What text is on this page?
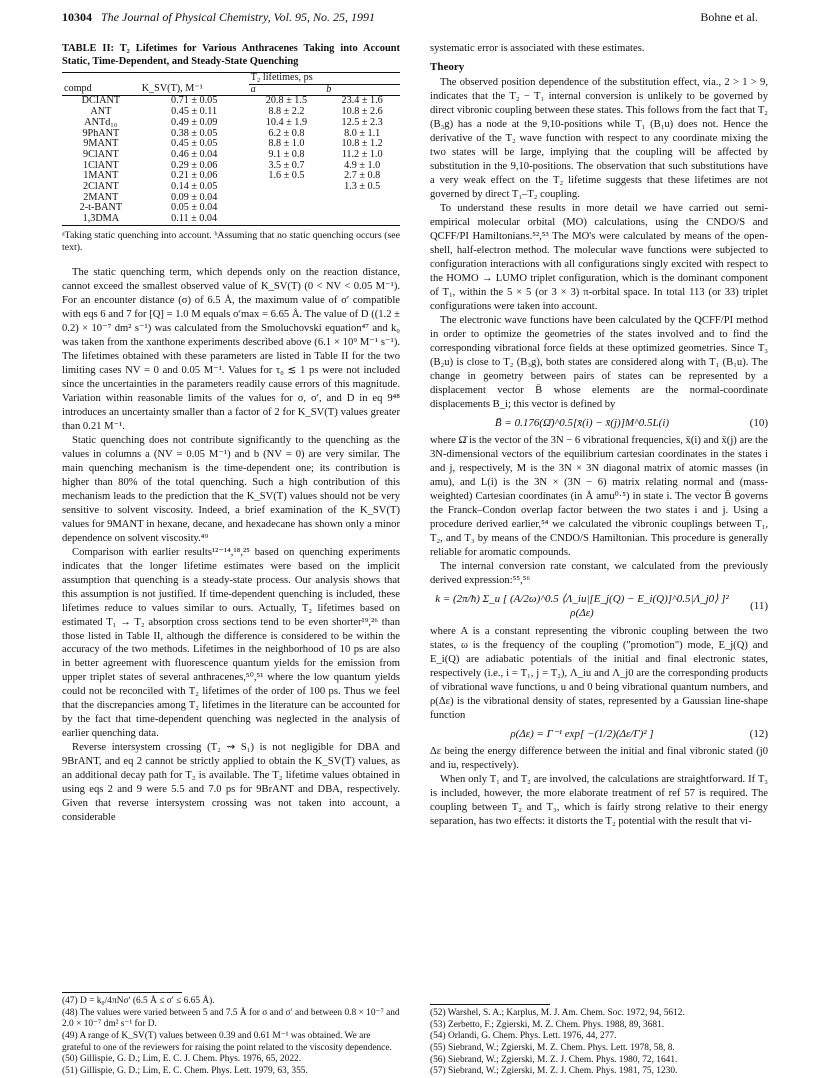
10304 The Journal of Physical Chemistry, Vol. 95, No. 25, 1991	Bohne et al.
TABLE II: T₂ Lifetimes for Various Anthracenes Taking into Account Static, Time-Dependent, and Steady-State Quenching
		T₂ lifetimes, ps	
compd	K_SV(T), M⁻¹	a	b
DCIANT	0.71 ± 0.05	20.8 ± 1.5	23.4 ± 1.6
ANT	0.45 ± 0.11	8.8 ± 2.2	10.8 ± 2.6
ANTd₁₀	0.49 ± 0.09	10.4 ± 1.9	12.5 ± 2.3
9PhANT	0.38 ± 0.05	6.2 ± 0.8	8.0 ± 1.1
9MANT	0.45 ± 0.05	8.8 ± 1.0	10.8 ± 1.2
9ClANT	0.46 ± 0.04	9.1 ± 0.8	11.2 ± 1.0
1ClANT	0.29 ± 0.06	3.5 ± 0.7	4.9 ± 1.0
1MANT	0.21 ± 0.06	1.6 ± 0.5	2.7 ± 0.8
2ClANT	0.14 ± 0.05		1.3 ± 0.5
2MANT	0.09 ± 0.04		
2-t-BANT	0.05 ± 0.04		
1,3DMA	0.11 ± 0.04		
ᵃTaking static quenching into account. ᵇAssuming that no static quenching occurs (see text).

The static quenching term, which depends only on the reaction distance, cannot exceed the smallest observed value of K_SV(T) (0 < NV < 0.05 M⁻¹). For an encounter distance (σ) of 6.5 Å, the maximum value of σ′ compatible with eqs 6 and 7 for [Q] = 1.0 M equals σ′max = 6.65 Å. The value of D ((1.2 ± 0.2) × 10⁻⁷ dm² s⁻¹) was calculated from the Smoluchovski equation⁴⁷ and k₀ was taken from the xanthone experiments described above (6.1 × 10⁹ M⁻¹ s⁻¹). The lifetimes obtained with these parameters are listed in Table II for the two limiting cases NV = 0 and 0.05 M⁻¹. Values for τ₀ ≲ 1 ps were not included since the uncertainties in the parameters readily cause errors of this magnitude. Variation within reasonable limits of the values for σ, σ′, and D in eq 9⁴⁸ introduces an uncertainty smaller than a factor of 2 for K_SV(T) values greater than 0.21 M⁻¹.

Static quenching does not contribute significantly to the quenching as the values in columns a (NV = 0.05 M⁻¹) and b (NV = 0) are very similar. The main quenching mechanism is the time-dependent one; its contribution is higher than 80% of the total quenching. Such a high contribution of this mechanism leads to the prediction that the K_SV(T) values should not be very sensitive to solvent viscosity. Indeed, a brief examination of the K_SV(T) values for 9MANT in hexane, decane, and hexadecane has shown only a minor dependence on solvent viscosity.⁴⁹

Comparison with earlier results¹²⁻¹⁴,¹⁸,²⁵ based on quenching experiments indicates that the longer lifetime estimates were based on the implicit assumption that quenching is a steady-state process. Our analysis shows that this assumption is not justified. If time-dependent quenching is included, these lifetimes reduce to values similar to ours. Actually, T₂ lifetimes based on estimated T₁ → T₂ absorption cross sections tend to be even shorter¹⁹,²⁶ than those listed in Table II, although the difference is considered to be within the accuracy of the two methods. Lifetimes in the neighborhood of 10 ps are also in better agreement with fluorescence quantum yields for the emission from upper triplet states of several anthracenes,⁵⁰,⁵¹ where the low quantum yields could not be reconciled with T₂ lifetimes of the order of 100 ps. Thus we feel that the discrepancies among T₂ lifetimes in the literature can be accounted for by the fact that time-dependent quenching was neglected in the analysis of earlier quenching data.

Reverse intersystem crossing (T₂ ⇝ S₁) is not negligible for DBA and 9BrANT, and eq 2 cannot be strictly applied to obtain the K_SV(T) values, as an additional decay path for T₂ is available. The T₂ lifetime values obtained in using eqs 2 and 9 were 5.5 and 7.0 ps for 9BrANT and DBA, respectively. Given that reverse intersystem crossing was not taken into account, a considerable

(47) D = k₀/4πNσ′ (6.5 Å ≤ σ′ ≤ 6.65 Å).
(48) The values were varied between 5 and 7.5 Å for σ and σ′ and between 0.8 × 10⁻⁷ and 2.0 × 10⁻⁷ dm² s⁻¹ for D.
(49) A range of K_SV(T) values between 0.39 and 0.61 M⁻¹ was obtained. We are grateful to one of the reviewers for raising the point related to the viscosity dependence.
(50) Gillispie, G. D.; Lim, E. C. J. Chem. Phys. 1976, 65, 2022.
(51) Gillispie, G. D.; Lim, E. C. Chem. Phys. Lett. 1979, 63, 355.

systematic error is associated with these estimates.

Theory

The observed position dependence of the substitution effect, via., 2 > 1 > 9, indicates that the T₂ − T₁ internal conversion is unlikely to be governed by direct vibronic coupling between these states. This follows from the fact that T₂ (B₃g) has a node at the 9,10-positions while T₁ (B₁u) does not. Hence the derivative of the T₂ wave function with respect to any coordinate mixing the two states will be large, implying that the coupling will be affected by substitution in the 9,10-positions. The observation that such substitutions have a very weak effect on the T₂ lifetime suggests that these lifetimes are not governed by direct T₁–T₂ coupling.

To understand these results in more detail we have carried out semi-empirical molecular orbital (MO) calculations, using the CNDO/S and QCFF/PI Hamiltonians.⁵²,⁵³ The MO's were calculated by means of the open-shell, half-electron method. The molecular wave functions were subjected to configuration interactions with all configurations singly excited with respect to the HOMO → LUMO triplet configuration, which is the dominant component of T₁, within the 5 × 5 (or 3 × 3) π-orbital space. In total 113 (or 33) triplet configurations were taken into account.

The electronic wave functions have been calculated by the QCFF/PI method in order to optimize the geometries of the states involved and to find the corresponding vibrational force fields at these optimized geometries. Since T₃ (B₂u) is close to T₂ (B₃g), both states are considered along with T₁ (B₁u). The change in geometry between pairs of states can be represented by a displacement vector B̄ whose elements are the normal-coordinate displacements B_i; this vector is defined by

B̄ = 0.176(Ω̄)^0.5[x̄(i) − x̄(j)]M^0.5L(i)	(10)

where Ω̄ is the vector of the 3N − 6 vibrational frequencies, x̄(i) and x̄(j) are the 3N-dimensional vectors of the equilibrium cartesian coordinates in the states i and j, respectively, M is the 3N × 3N diagonal matrix of atomic masses (in amu), and L(i) is the 3N × (3N − 6) matrix relating normal and (mass-weighted) Cartesian coordinates (in Å amu⁰·⁵) in state i. The vector B̄ governs the Franck–Condon overlap factor between the two states i and j. Using a procedure derived earlier,⁵⁴ we calculated the vibronic couplings between T₁, T₂, and T₃ by means of the CNDO/S Hamiltonian. This procedure is generally reliable for aromatic compounds.

The internal conversion rate constant, we calculated from the previously derived expression:⁵⁵,⁵⁶

k = (2π/ħ) Σ_u [ (A/2ω)^0.5 ⟨Λ_iu|[E_j(Q) − E_i(Q)]^0.5|Λ_j0⟩ ]² ρ(Δε)
(11)

where A is a constant representing the vibronic coupling between the two states, ω is the frequency of the coupling ("promotion") mode, E_j(Q) and E_i(Q) are adiabatic potentials of the initial and final electronic states, respectively (i.e., i = T₁, j = T₂), Λ_iu and Λ_j0 are the corresponding products of vibrational wave functions, u and 0 being vibrational quantum numbers, and ρ(Δε) is the vibrational density of states, represented by a Gaussian line-shape function

ρ(Δε) = Γ⁻¹ exp[ −(1/2)(Δε/Γ)² ]	(12)

Δε being the energy difference between the initial and final vibronic stated (j0 and iu, respectively).

When only T₁ and T₂ are involved, the calculations are straightforward. If T₃ is included, however, the more elaborate treatment of ref 57 is required. The coupling between T₂ and T₃, which is fairly strong relative to their energy separation, has two effects: it distorts the T₂ potential with the result that vi-

(52) Warshel, S. A.; Karplus, M. J. Am. Chem. Soc. 1972, 94, 5612.
(53) Zerbetto, F.; Zgierski, M. Z. Chem. Phys. 1988, 89, 3681.
(54) Orlandi, G. Chem. Phys. Lett. 1976, 44, 277.
(55) Siebrand, W.; Zgierski, M. Z. Chem. Phys. Lett. 1978, 58, 8.
(56) Siebrand, W.; Zgierski, M. Z. J. Chem. Phys. 1980, 72, 1641.
(57) Siebrand, W.; Zgierski, M. Z. J. Chem. Phys. 1981, 75, 1230.
